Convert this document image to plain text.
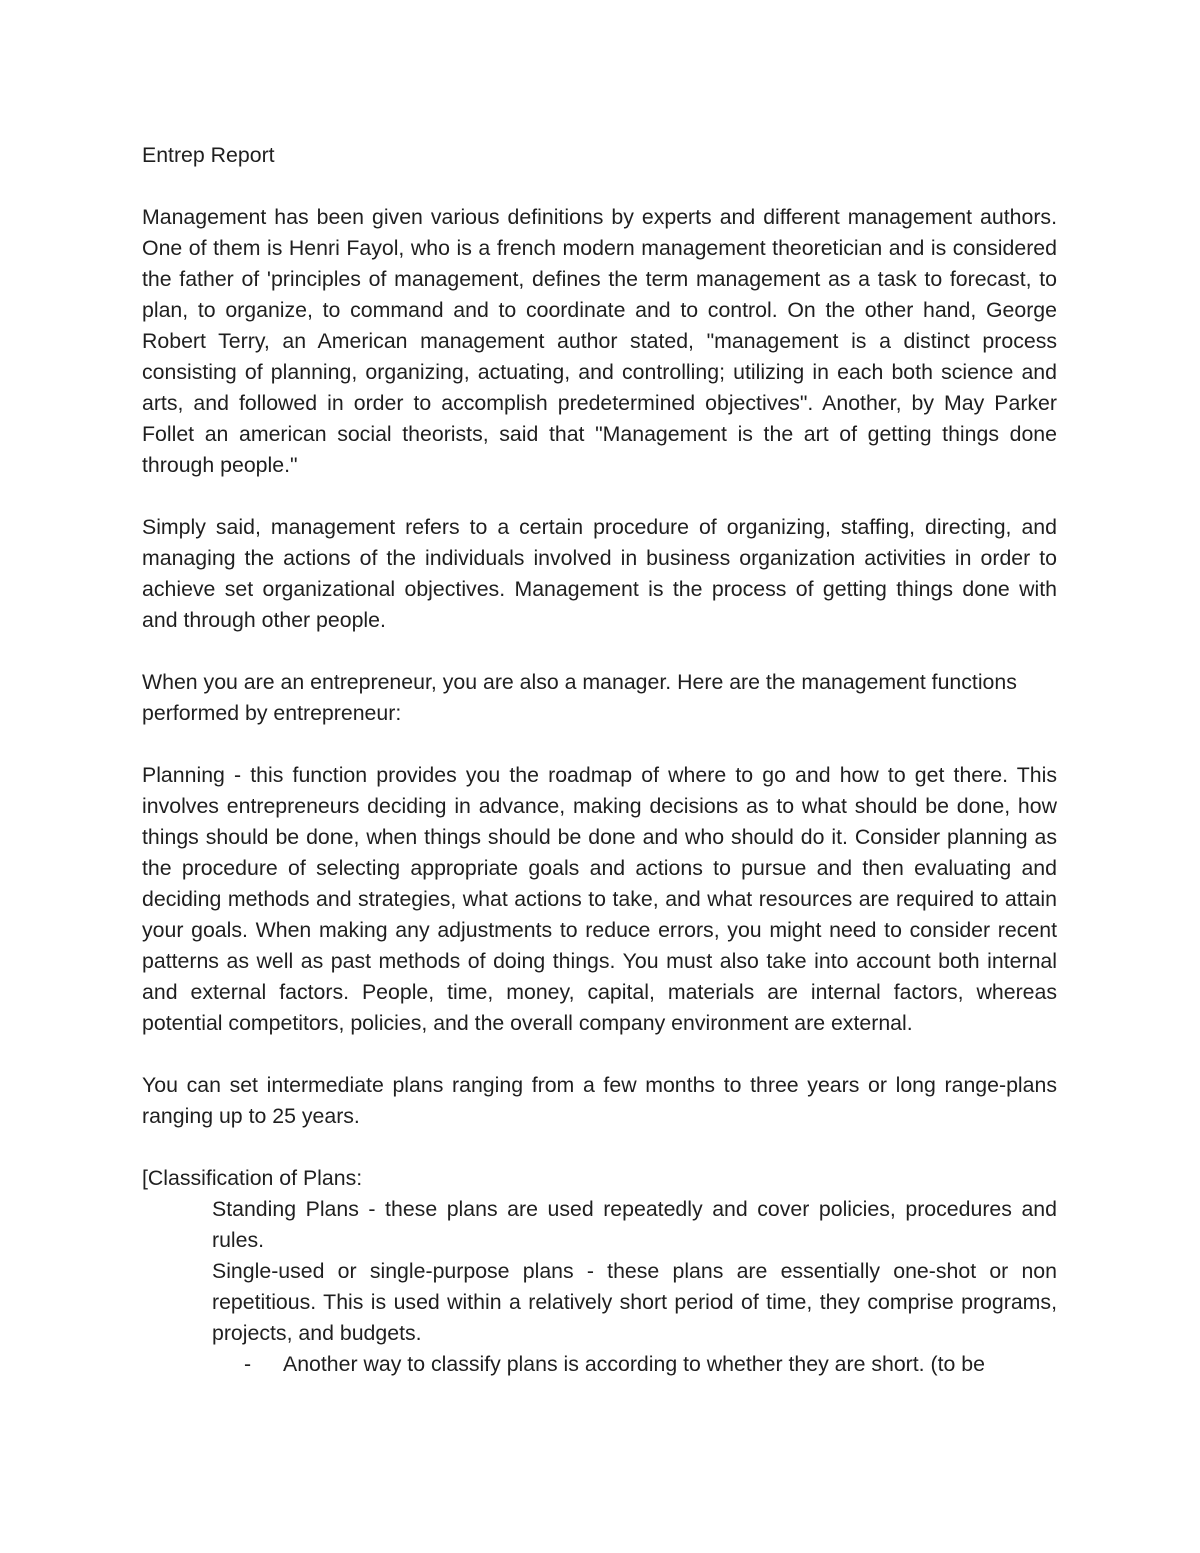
Entrep Report

Management has been given various definitions by experts and different management authors. One of them is Henri Fayol, who is a french modern management theoretician and is considered the father of 'principles of management, defines the term management as a task to forecast, to plan, to organize, to command and to coordinate and to control. On the other hand, George Robert Terry, an American management author stated, "management is a distinct process consisting of planning, organizing, actuating, and controlling; utilizing in each both science and arts, and followed in order to accomplish predetermined objectives". Another, by May Parker Follet an american social theorists, said that "Management is the art of getting things done through people."

Simply said, management refers to a certain procedure of organizing, staffing, directing, and managing the actions of the individuals involved in business organization activities in order to achieve set organizational objectives. Management is the process of getting things done with and through other people.

When you are an entrepreneur, you are also a manager. Here are the management functions performed by entrepreneur:

Planning - this function provides you the roadmap of where to go and how to get there. This involves entrepreneurs deciding in advance, making decisions as to what should be done, how things should be done, when things should be done and who should do it. Consider planning as the procedure of selecting appropriate goals and actions to pursue and then evaluating and deciding methods and strategies, what actions to take, and what resources are required to attain your goals. When making any adjustments to reduce errors, you might need to consider recent patterns as well as past methods of doing things. You must also take into account both internal and external factors. People, time, money, capital, materials are internal factors, whereas potential competitors, policies, and the overall company environment are external.

You can set intermediate plans ranging from a few months to three years or long range-plans ranging up to 25 years.

[Classification of Plans:
Standing Plans - these plans are used repeatedly and cover policies, procedures and rules.
Single-used or single-purpose plans - these plans are essentially one-shot or non repetitious. This is used within a relatively short period of time, they comprise programs, projects, and budgets.
-	Another way to classify plans is according to whether they are short. (to be
